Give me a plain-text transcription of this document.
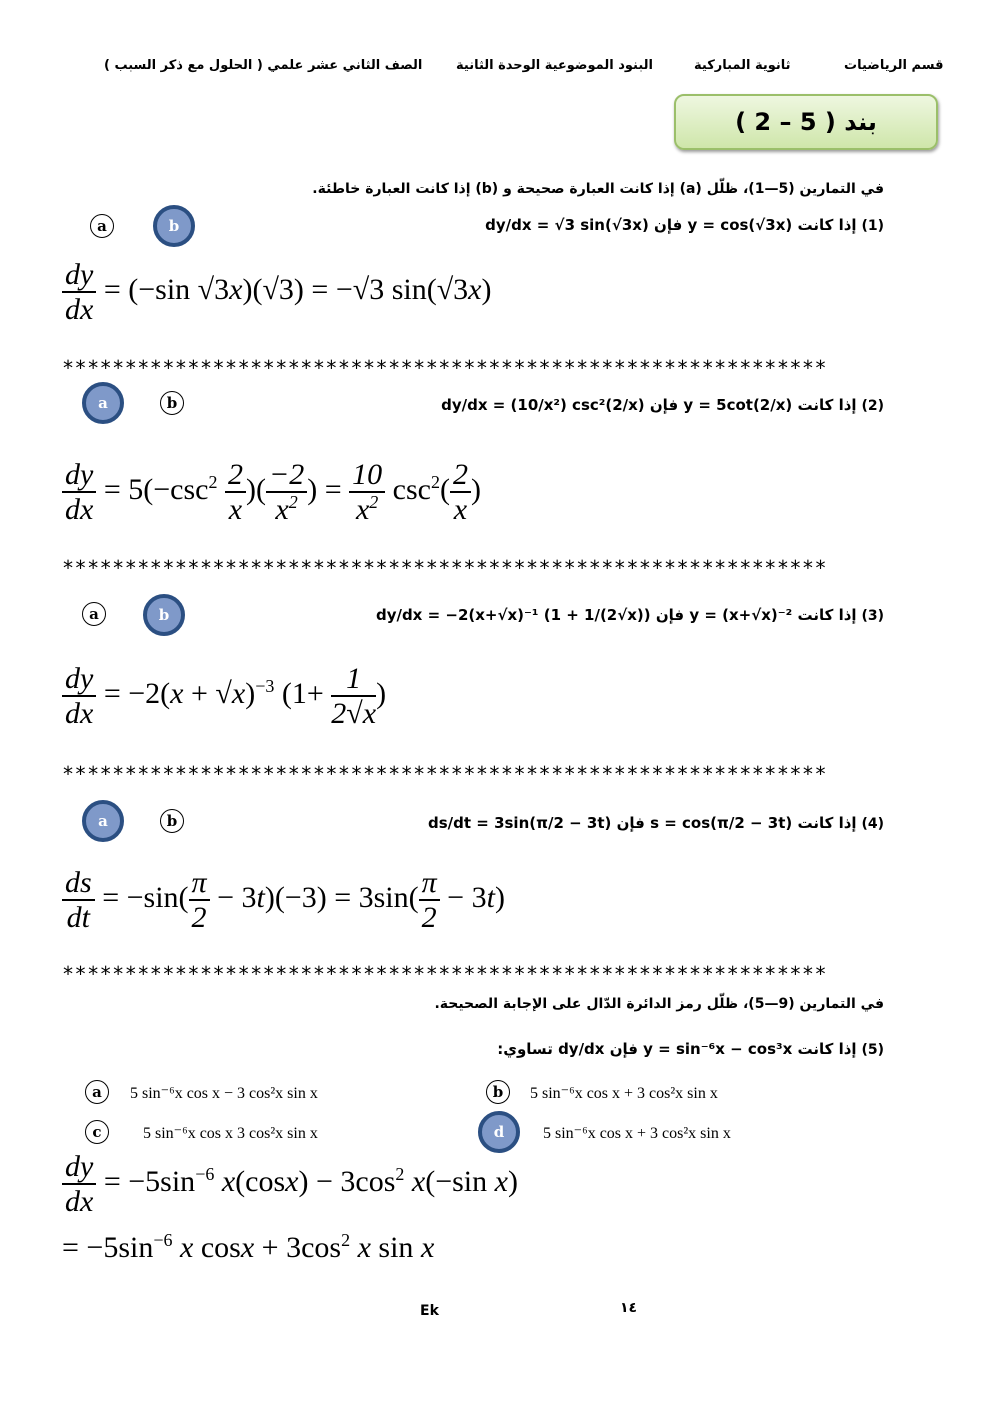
قسم الرياضيات
ثانوية المباركية
البنود الموضوعية الوحدة الثانية
الصف الثاني عشر علمي ( الحلول مع ذكر السبب )
بند ( 5 – 2 )
في التمارين (5—1)، ظلّل (a) إذا كانت العبارة صحيحة و (b) إذا كانت العبارة خاطئة.
a	b	(1) إذا كانت y = cos(√3x) فإن dy/dx = √3 sin(√3x)
$\frac{dy}{dx} = (-\sin$ √3x)(√3) = −√3 sin(√3x)
*************************************************************
a	b	(2) إذا كانت y = 5cot(2/x) فإن dy/dx = (10/x²) csc²(2/x)
$\frac{dy}{dx} = 5(-\csc^2 \frac{2}{x}$ )( $\frac{-2}{x^2}$ ) = $\frac{10}{x^2} \csc^2( \frac{2}{x}$ )
*************************************************************
a	b	(3) إذا كانت y = (x+√x)⁻² فإن dy/dx = −2(x+√x)⁻¹ (1 + 1/(2√x))
$\frac{dy}{dx} = -2(x + √x)^{-3}$ ($1+ \frac{1}{2√x}$ )
*************************************************************
a	b	(4) إذا كانت s = cos(π/2 − 3t) فإن ds/dt = 3sin(π/2 − 3t)
$\frac{ds}{dt} = -\sin( \frac{\pi}{2} - 3t)(-3) = 3\sin( \frac{\pi}{2} - 3t)$
*************************************************************
في التمارين (9—5)، ظلّل رمز الدائرة الدّال على الإجابة الصحيحة.
(5) إذا كانت y = sin⁻⁶x − cos³x فإن dy/dx تساوي:
a	5 sin⁻⁶x cos x − 3 cos²x sin x	b	5 sin⁻⁶x cos x + 3 cos²x sin x
c	5 sin⁻⁶x cos x 3 cos²x sin x	d	5 sin⁻⁶x cos x + 3 cos²x sin x
$\frac{dy}{dx} = -5\sin^{-6}$ $x(\cos x) - 3\cos^2$ x(−sin x)
= $-5\sin^{-6}$ x $\cos x + 3\cos^2$ x sin x
Ek	١٤
